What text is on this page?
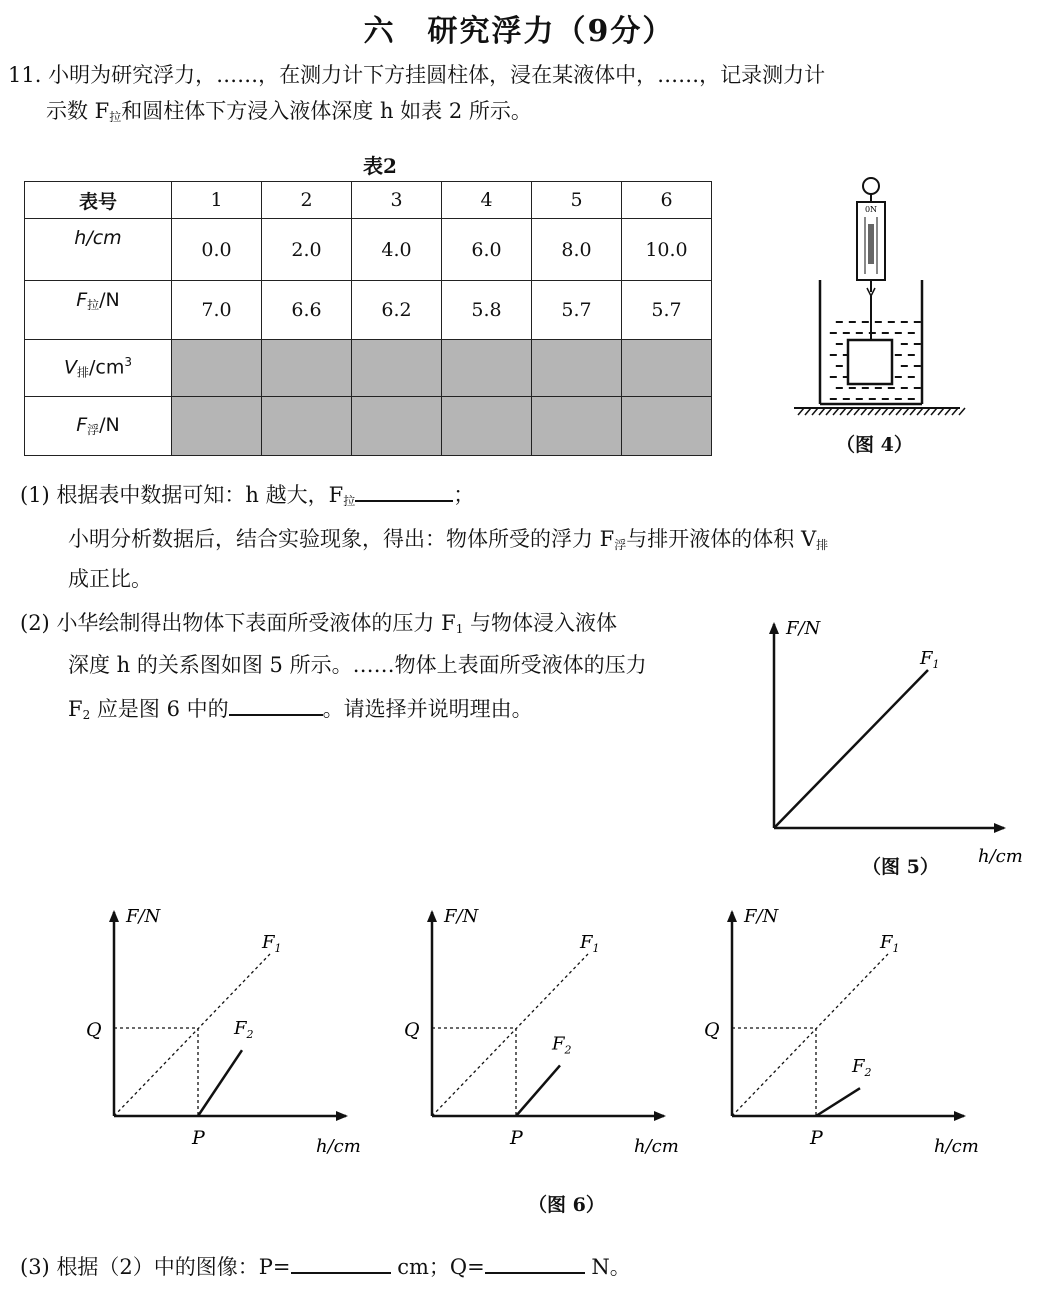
六　研究浮力（9分）
11. 小明为研究浮力，……，在测力计下方挂圆柱体，浸在某液体中，……，记录测力计
示数 $F_拉$和圆柱体下方浸入液体深度 h 如表 2 所示。
表2
表号	1	2	3	4	5	6
h/cm	0.0	2.0	4.0	6.0	8.0	10.0
$F_拉/N$	7.0	6.6	6.2	5.8	5.7	5.7
$V_排/cm^3$						
$F_浮/N$						
0N
（图 4）
(1) 根据表中数据可知：h 越大，$F_拉$	；
小明分析数据后，结合实验现象，得出：物体所受的浮力 $F_浮$与排开液体的体积 $V_排$
成正比。
(2) 小华绘制得出物体下表面所受液体的压力 $F_1$ 与物体浸入液体
深度 h 的关系图如图 5 所示。……物体上表面所受液体的压力
$F_2$ 应是图 6 中的	。请选择并说明理由。
F/N
$F_1$
h/cm
（图 5）
F/N
$F_1$
$F_2$
Q
P	h/cm
F/N
$F_1$
$F_2$
Q
P	h/cm
F/N
$F_1$
$F_2$
Q
P	h/cm
（图 6）
(3) 根据（2）中的图像：P=	cm；Q=	N。
